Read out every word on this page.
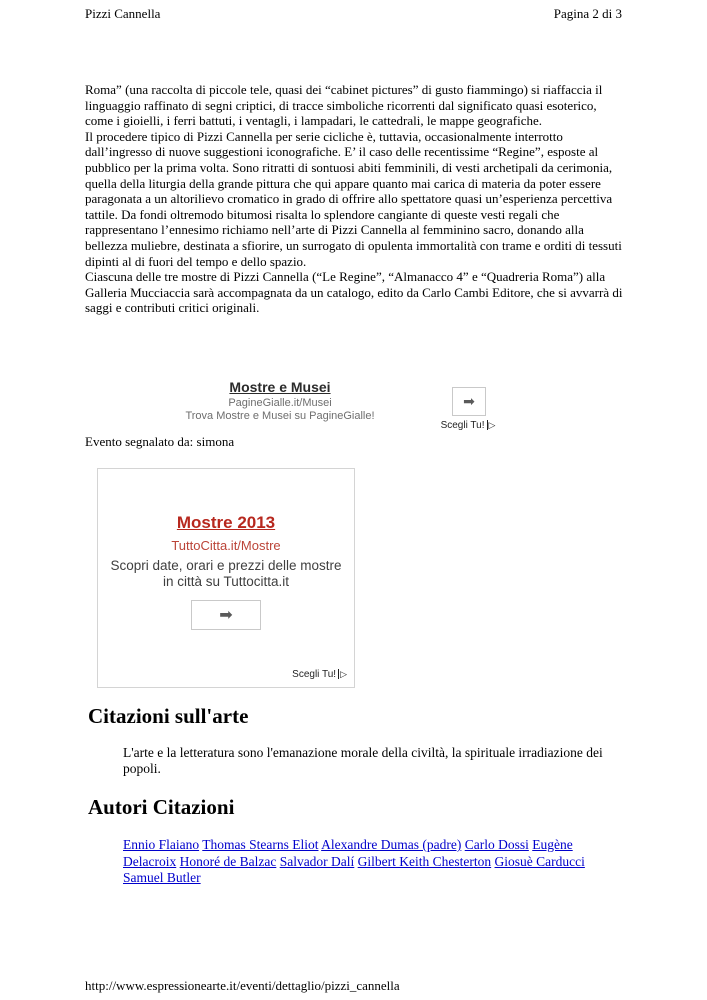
Pizzi Cannella	Pagina 2 di 3

Roma” (una raccolta di piccole tele, quasi dei “cabinet pictures” di gusto fiammingo) si riaffaccia il linguaggio raffinato di segni criptici, di tracce simboliche ricorrenti dal significato quasi esoterico, come i gioielli, i ferri battuti, i ventagli, i lampadari, le cattedrali, le mappe geografiche.

Il procedere tipico di Pizzi Cannella per serie cicliche è, tuttavia, occasionalmente interrotto dall’ingresso di nuove suggestioni iconografiche. E’ il caso delle recentissime “Regine”, esposte al pubblico per la prima volta. Sono ritratti di sontuosi abiti femminili, di vesti archetipali da cerimonia, quella della liturgia della grande pittura che qui appare quanto mai carica di materia da poter essere paragonata a un altorilievo cromatico in grado di offrire allo spettatore quasi un’esperienza percettiva tattile. Da fondi oltremodo bitumosi risalta lo splendore cangiante di queste vesti regali che rappresentano l’ennesimo richiamo nell’arte di Pizzi Cannella al femminino sacro, donando alla bellezza muliebre, destinata a sfiorire, un surrogato di opulenta immortalità con trame e orditi di tessuti dipinti al di fuori del tempo e dello spazio.

Ciascuna delle tre mostre di Pizzi Cannella (“Le Regine”, “Almanacco 4” e “Quadreria Roma”) alla Galleria Mucciaccia sarà accompagnata da un catalogo, edito da Carlo Cambi Editore, che si avvarrà di saggi e contributi critici originali.

Mostre e Musei
PagineGialle.it/Musei
Trova Mostre e Musei su PagineGialle!
➡
Scegli Tu! ▷
Evento segnalato da: simona
Mostre 2013
TuttoCitta.it/Mostre
Scopri date, orari e prezzi delle mostre
in città su Tuttocitta.it
➡
Scegli Tu! ▷
Citazioni sull'arte
L'arte e la letteratura sono l'emanazione morale della civiltà, la spirituale irradiazione dei popoli.
Autori Citazioni
Ennio Flaiano Thomas Stearns Eliot Alexandre Dumas (padre) Carlo Dossi Eugène Delacroix Honoré de Balzac Salvador Dalí Gilbert Keith Chesterton Giosuè Carducci Samuel Butler
http://www.espressionearte.it/eventi/dettaglio/pizzi_cannella
